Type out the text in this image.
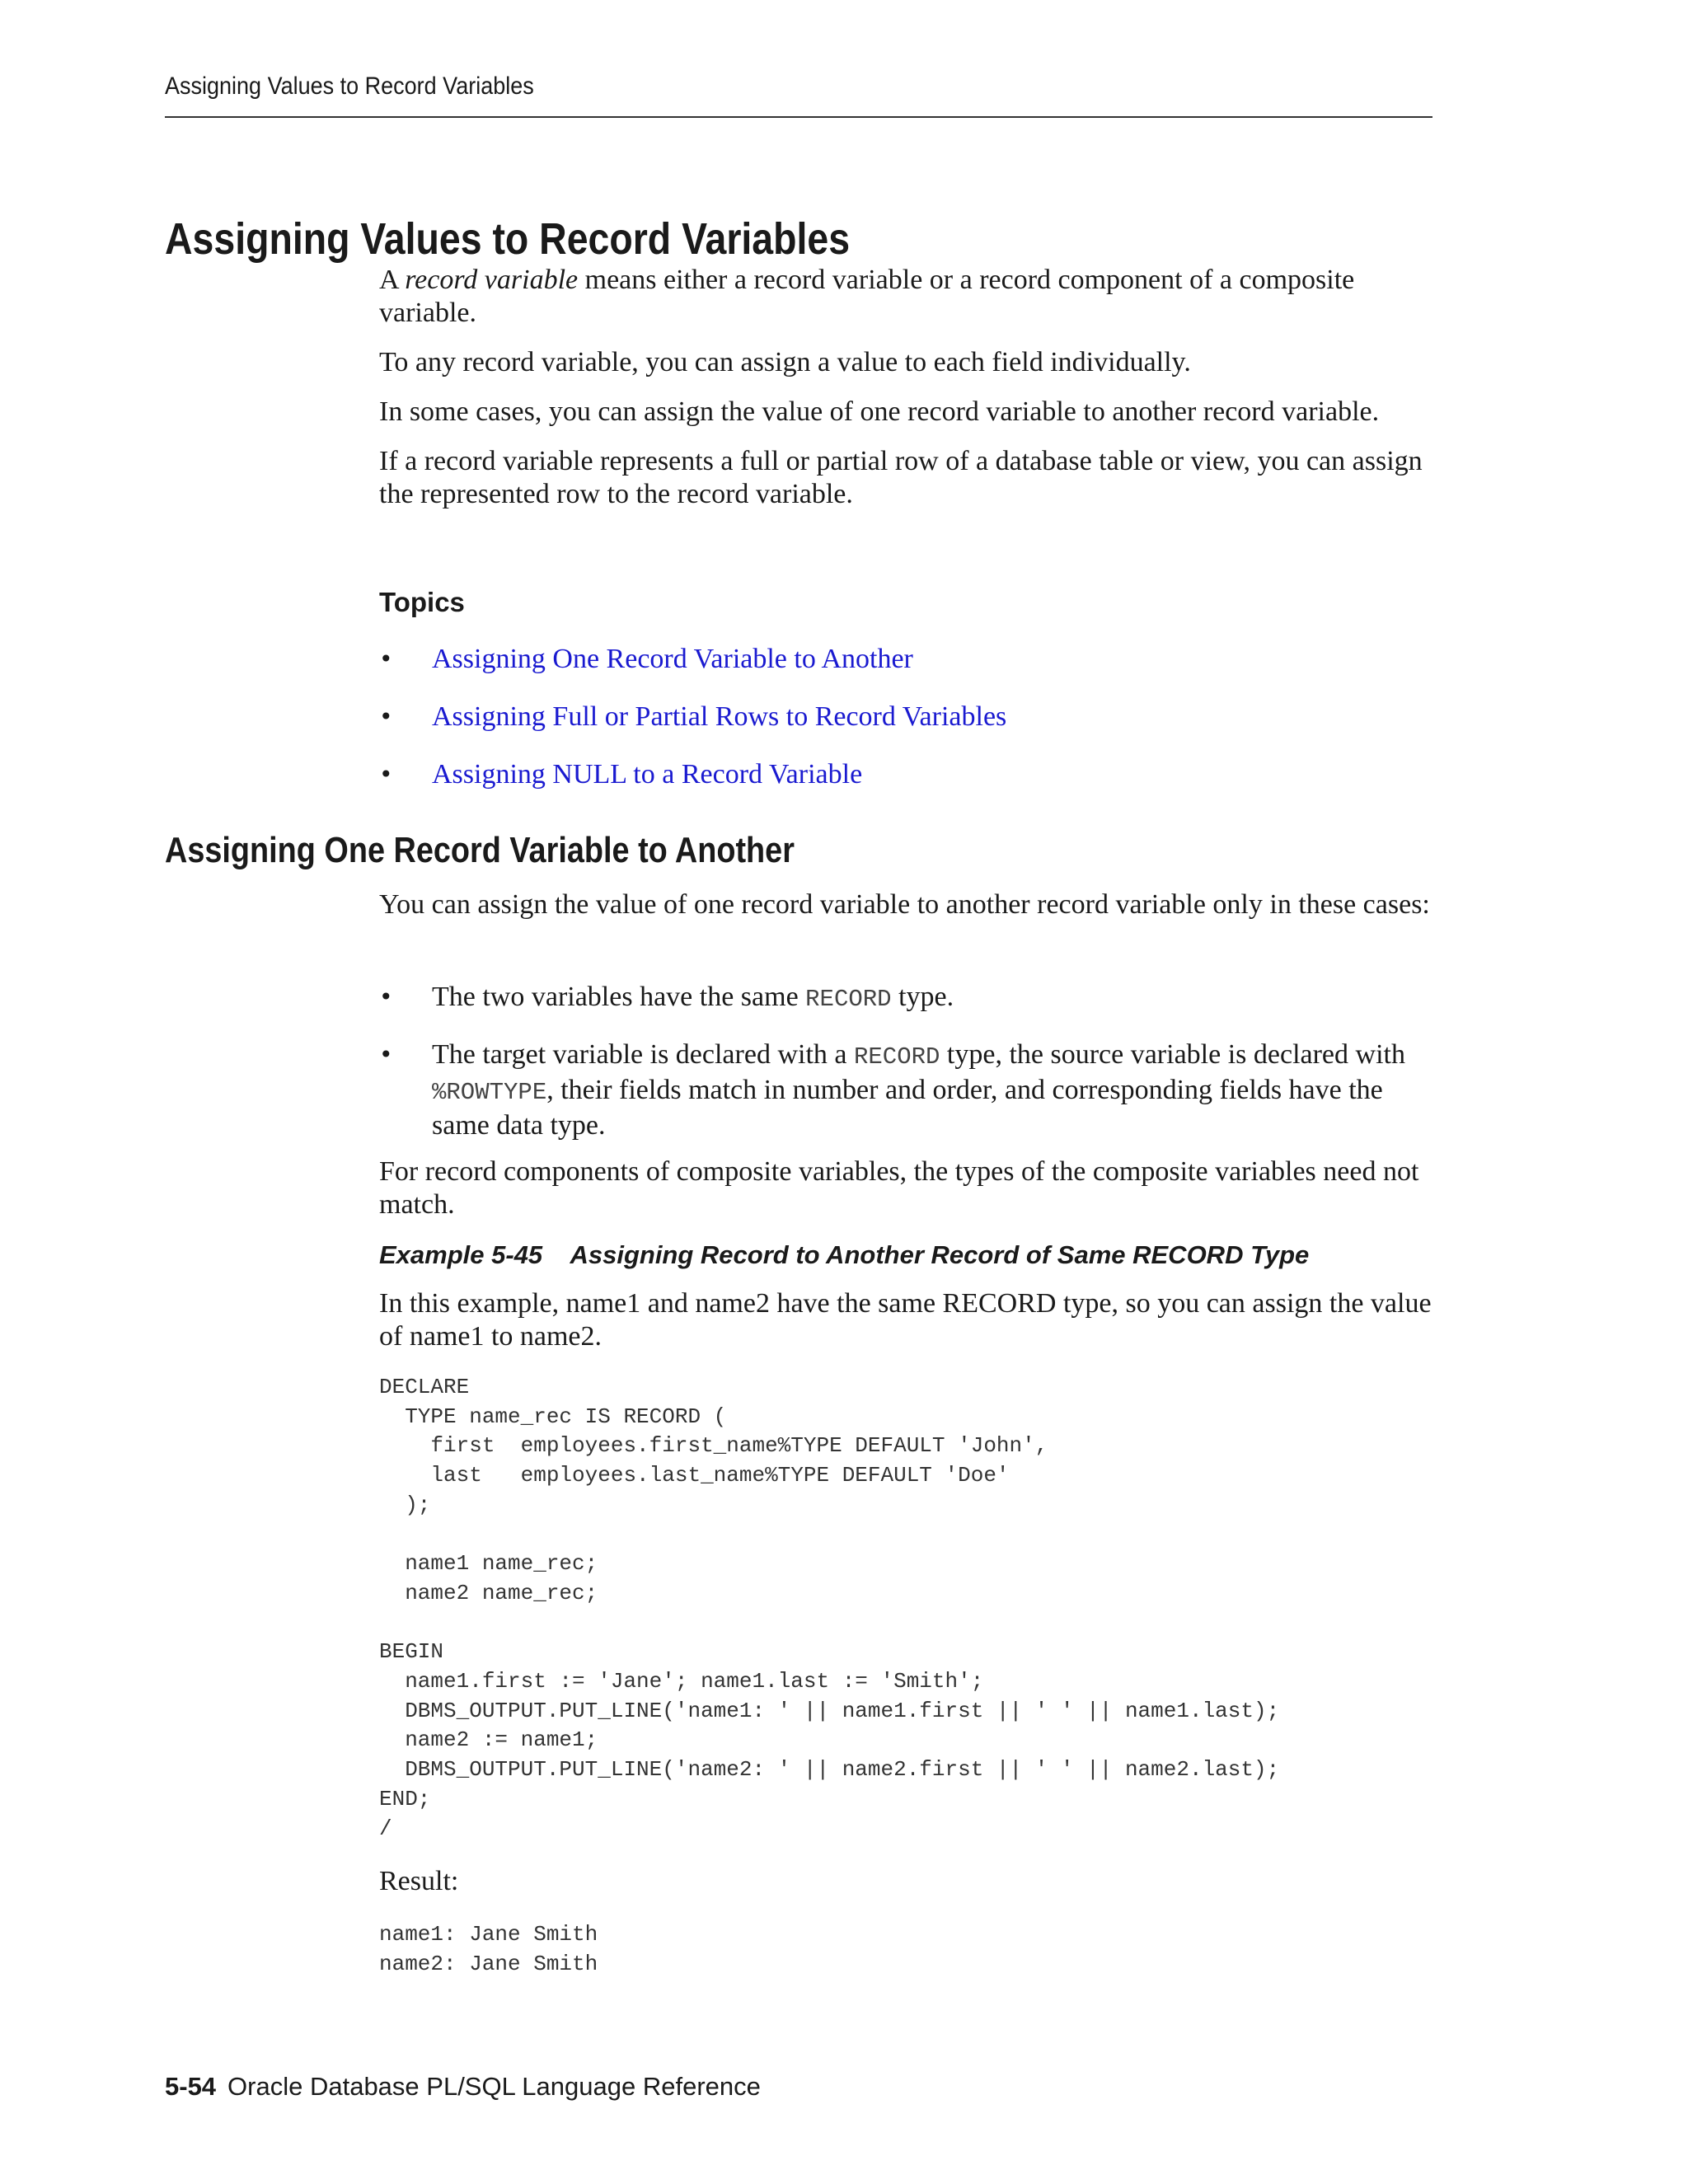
Assigning Values to Record Variables
Assigning Values to Record Variables

A record variable means either a record variable or a record component of a composite variable.

To any record variable, you can assign a value to each field individually.

In some cases, you can assign the value of one record variable to another record variable.

If a record variable represents a full or partial row of a database table or view, you can assign the represented row to the record variable.

Topics

• Assigning One Record Variable to Another
• Assigning Full or Partial Rows to Record Variables
• Assigning NULL to a Record Variable
Assigning One Record Variable to Another

You can assign the value of one record variable to another record variable only in these cases:

• The two variables have the same RECORD type.
• The target variable is declared with a RECORD type, the source variable is declared with %ROWTYPE, their fields match in number and order, and corresponding fields have the same data type.

For record components of composite variables, the types of the composite variables need not match.

Example 5-45    Assigning Record to Another Record of Same RECORD Type

In this example, name1 and name2 have the same RECORD type, so you can assign the value of name1 to name2.

DECLARE
TYPE name_rec IS RECORD (
first  employees.first_name%TYPE DEFAULT 'John',
last   employees.last_name%TYPE DEFAULT 'Doe'
);

name1 name_rec;
name2 name_rec;

BEGIN
name1.first := 'Jane'; name1.last := 'Smith';
DBMS_OUTPUT.PUT_LINE('name1: ' || name1.first || ' ' || name1.last);
name2 := name1;
DBMS_OUTPUT.PUT_LINE('name2: ' || name2.first || ' ' || name2.last);
END;
/

Result:

name1: Jane Smith
name2: Jane Smith
5-54 Oracle Database PL/SQL Language Reference
